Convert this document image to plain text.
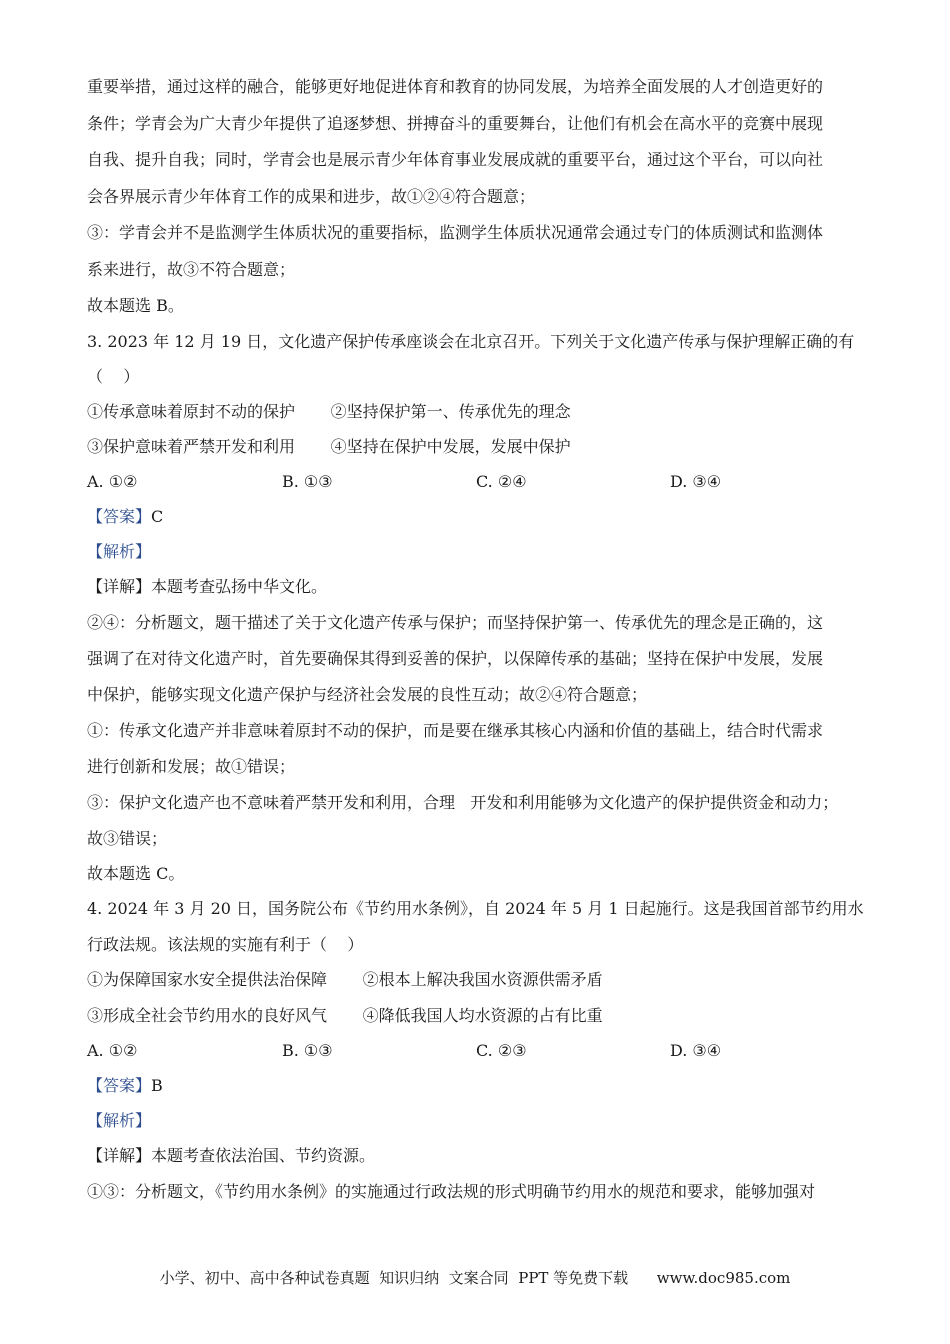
重要举措，通过这样的融合，能够更好地促进体育和教育的协同发展，为培养全面发展的人才创造更好的
条件；学青会为广大青少年提供了追逐梦想、拼搏奋斗的重要舞台，让他们有机会在高水平的竞赛中展现
自我、提升自我；同时，学青会也是展示青少年体育事业发展成就的重要平台，通过这个平台，可以向社
会各界展示青少年体育工作的成果和进步，故①②④符合题意；
③：学青会并不是监测学生体质状况的重要指标，监测学生体质状况通常会通过专门的体质测试和监测体
系来进行，故③不符合题意；
故本题选 B。
3. 2023 年 12 月 19 日，文化遗产保护传承座谈会在北京召开。下列关于文化遗产传承与保护理解正确的有
（    ）
①传承意味着原封不动的保护       ②坚持保护第一、传承优先的理念
③保护意味着严禁开发和利用       ④坚持在保护中发展，发展中保护
A. ①②	B. ①③	C. ②④	D. ③④
【答案】C
【解析】
【详解】本题考查弘扬中华文化。
②④：分析题文，题干描述了关于文化遗产传承与保护；而坚持保护第一、传承优先的理念是正确的，这
强调了在对待文化遗产时，首先要确保其得到妥善的保护，以保障传承的基础；坚持在保护中发展，发展
中保护，能够实现文化遗产保护与经济社会发展的良性互动；故②④符合题意；
①：传承文化遗产并非意味着原封不动的保护，而是要在继承其核心内涵和价值的基础上，结合时代需求
进行创新和发展；故①错误；
③：保护文化遗产也不意味着严禁开发和利用，合理   开发和利用能够为文化遗产的保护提供资金和动力；
故③错误；
故本题选 C。
4. 2024 年 3 月 20 日，国务院公布《节约用水条例》，自 2024 年 5 月 1 日起施行。这是我国首部节约用水
行政法规。该法规的实施有利于（    ）
①为保障国家水安全提供法治保障       ②根本上解决我国水资源供需矛盾
③形成全社会节约用水的良好风气       ④降低我国人均水资源的占有比重
A. ①②	B. ①③	C. ②③	D. ③④
【答案】B
【解析】
【详解】本题考查依法治国、节约资源。
①③：分析题文，《节约用水条例》的实施通过行政法规的形式明确节约用水的规范和要求，能够加强对
小学、初中、高中各种试卷真题  知识归纳  文案合同  PPT 等免费下载      www.doc985.com
